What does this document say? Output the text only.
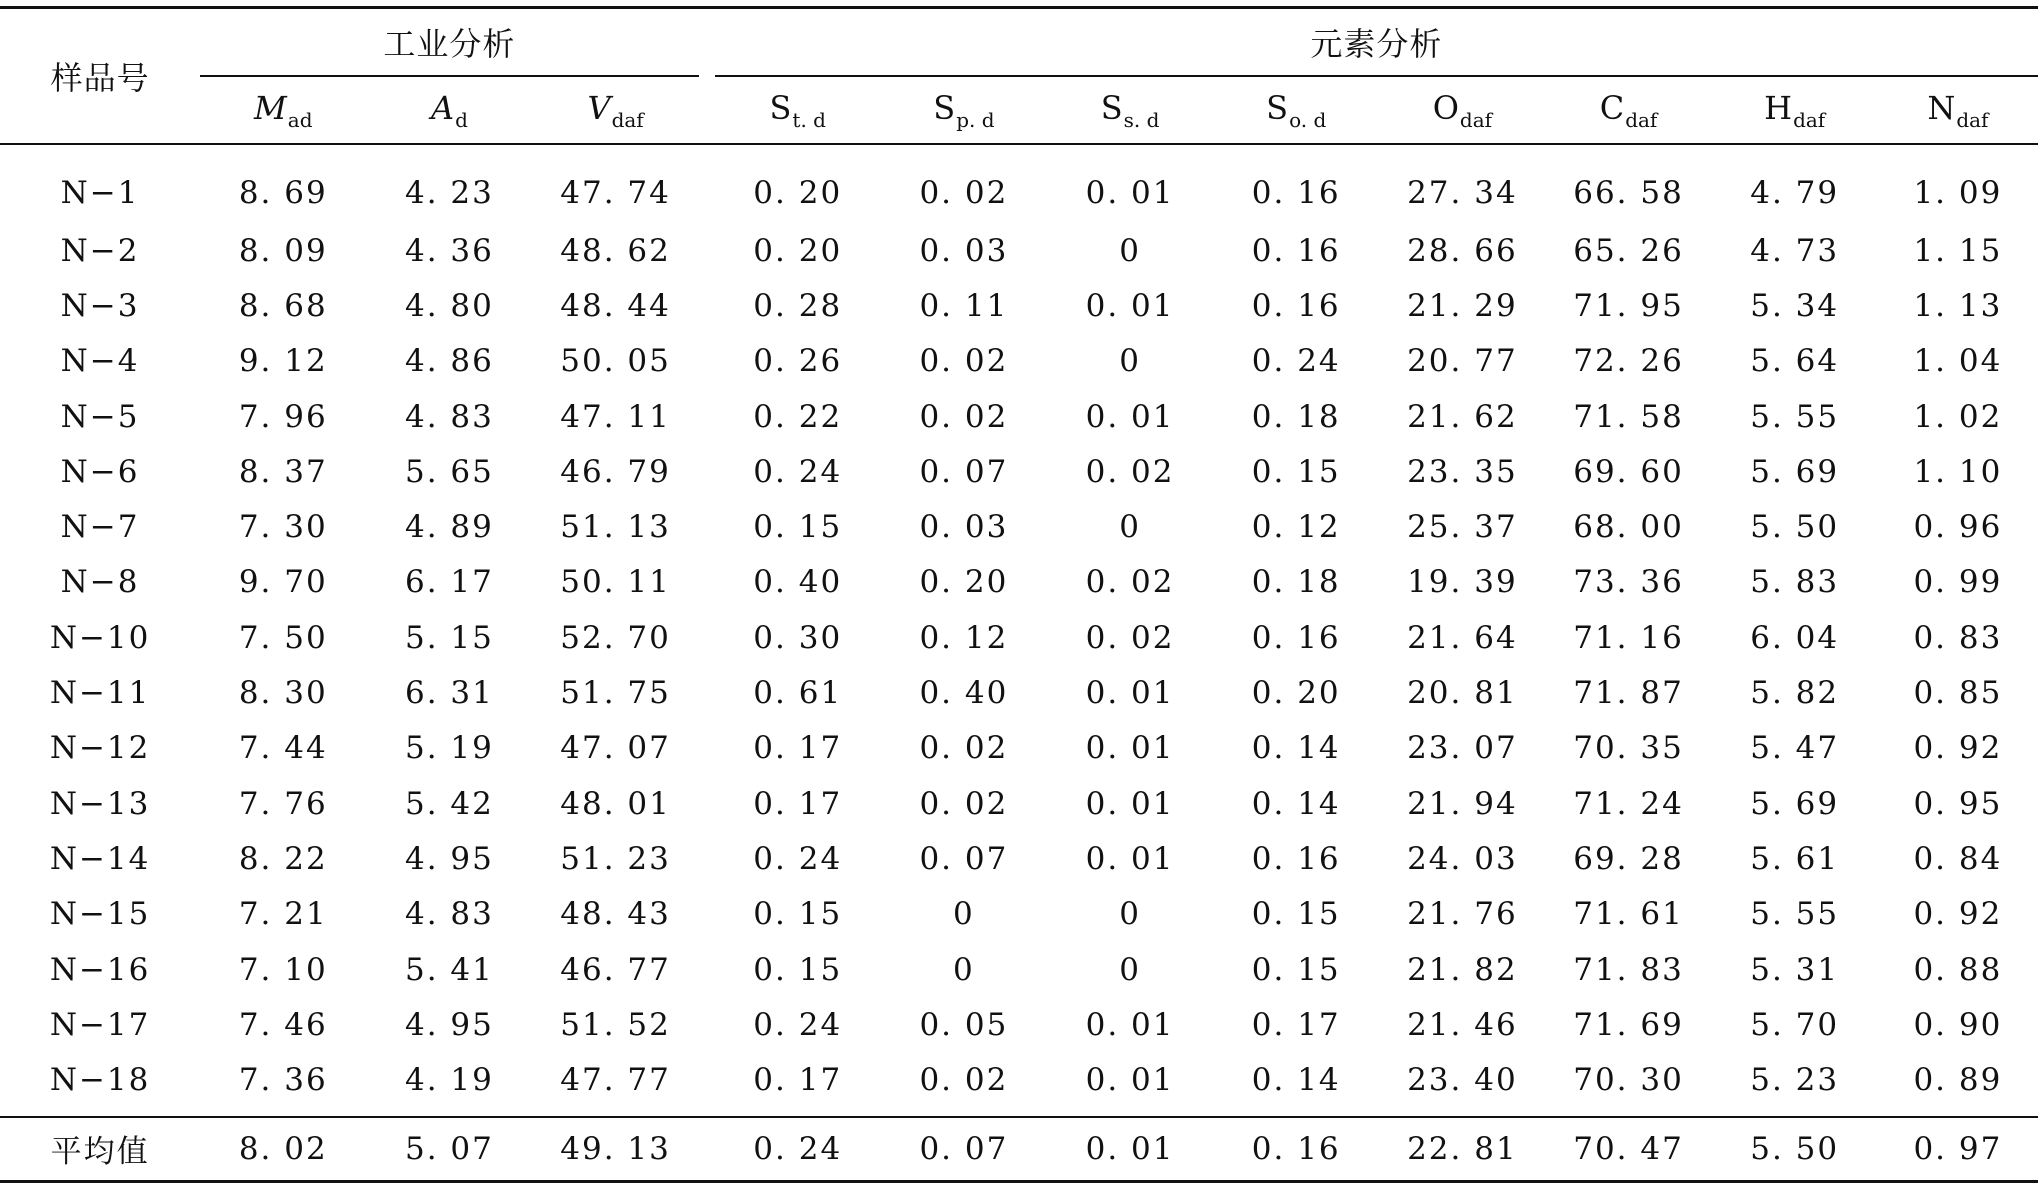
样品号	工业分析				元素分析							
	$M_{ad}$	$A_d$	$V_{daf}$		$S_{t. d}$	$S_{p. d}$	$S_{s. d}$	$S_{o. d}$	$O_{daf}$	$C_{daf}$	$H_{daf}$	$N_{daf}$
N−1	8. 69	4. 23	47. 74		0. 20	0. 02	0. 01	0. 16	27. 34	66. 58	4. 79	1. 09
N−2	8. 09	4. 36	48. 62		0. 20	0. 03	0	0. 16	28. 66	65. 26	4. 73	1. 15
N−3	8. 68	4. 80	48. 44		0. 28	0. 11	0. 01	0. 16	21. 29	71. 95	5. 34	1. 13
N−4	9. 12	4. 86	50. 05		0. 26	0. 02	0	0. 24	20. 77	72. 26	5. 64	1. 04
N−5	7. 96	4. 83	47. 11		0. 22	0. 02	0. 01	0. 18	21. 62	71. 58	5. 55	1. 02
N−6	8. 37	5. 65	46. 79		0. 24	0. 07	0. 02	0. 15	23. 35	69. 60	5. 69	1. 10
N−7	7. 30	4. 89	51. 13		0. 15	0. 03	0	0. 12	25. 37	68. 00	5. 50	0. 96
N−8	9. 70	6. 17	50. 11		0. 40	0. 20	0. 02	0. 18	19. 39	73. 36	5. 83	0. 99
N−10	7. 50	5. 15	52. 70		0. 30	0. 12	0. 02	0. 16	21. 64	71. 16	6. 04	0. 83
N−11	8. 30	6. 31	51. 75		0. 61	0. 40	0. 01	0. 20	20. 81	71. 87	5. 82	0. 85
N−12	7. 44	5. 19	47. 07		0. 17	0. 02	0. 01	0. 14	23. 07	70. 35	5. 47	0. 92
N−13	7. 76	5. 42	48. 01		0. 17	0. 02	0. 01	0. 14	21. 94	71. 24	5. 69	0. 95
N−14	8. 22	4. 95	51. 23		0. 24	0. 07	0. 01	0. 16	24. 03	69. 28	5. 61	0. 84
N−15	7. 21	4. 83	48. 43		0. 15	0	0	0. 15	21. 76	71. 61	5. 55	0. 92
N−16	7. 10	5. 41	46. 77		0. 15	0	0	0. 15	21. 82	71. 83	5. 31	0. 88
N−17	7. 46	4. 95	51. 52		0. 24	0. 05	0. 01	0. 17	21. 46	71. 69	5. 70	0. 90
N−18	7. 36	4. 19	47. 77		0. 17	0. 02	0. 01	0. 14	23. 40	70. 30	5. 23	0. 89
平均值	8. 02	5. 07	49. 13		0. 24	0. 07	0. 01	0. 16	22. 81	70. 47	5. 50	0. 97
